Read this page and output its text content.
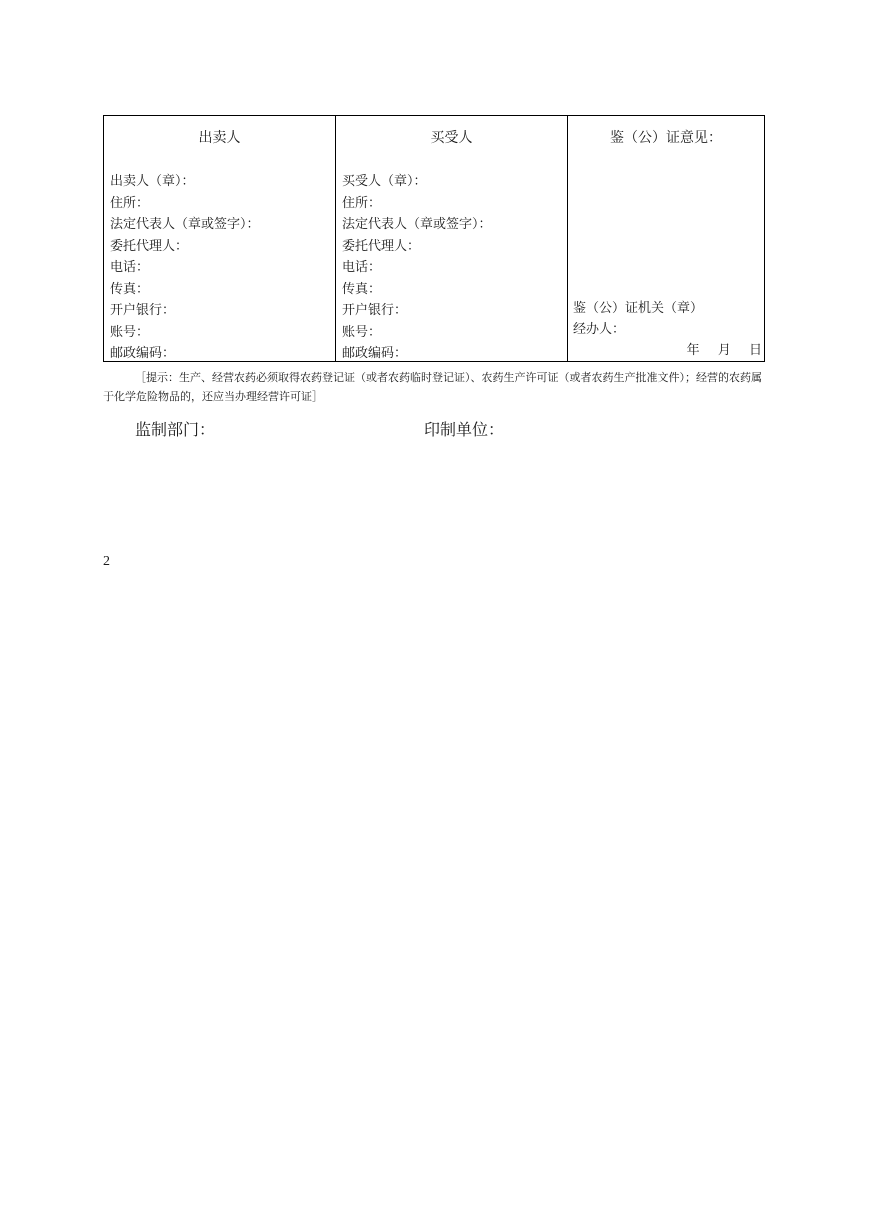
出卖人
出卖人（章）：
住所：
法定代表人（章或签字）：
委托代理人：
电话：
传真：
开户银行：
账号：
邮政编码：
买受人
买受人（章）：
住所：
法定代表人（章或签字）：
委托代理人：
电话：
传真：
开户银行：
账号：
邮政编码：
鉴（公）证意见：
鉴（公）证机关（章）
经办人：
年 月 日

［提示：生产、经营农药必须取得农药登记证（或者农药临时登记证）、农药生产许可证（或者农药生产批准文件）；经营的农药属于化学危险物品的，还应当办理经营许可证］

监制部门：	印制单位：
2
